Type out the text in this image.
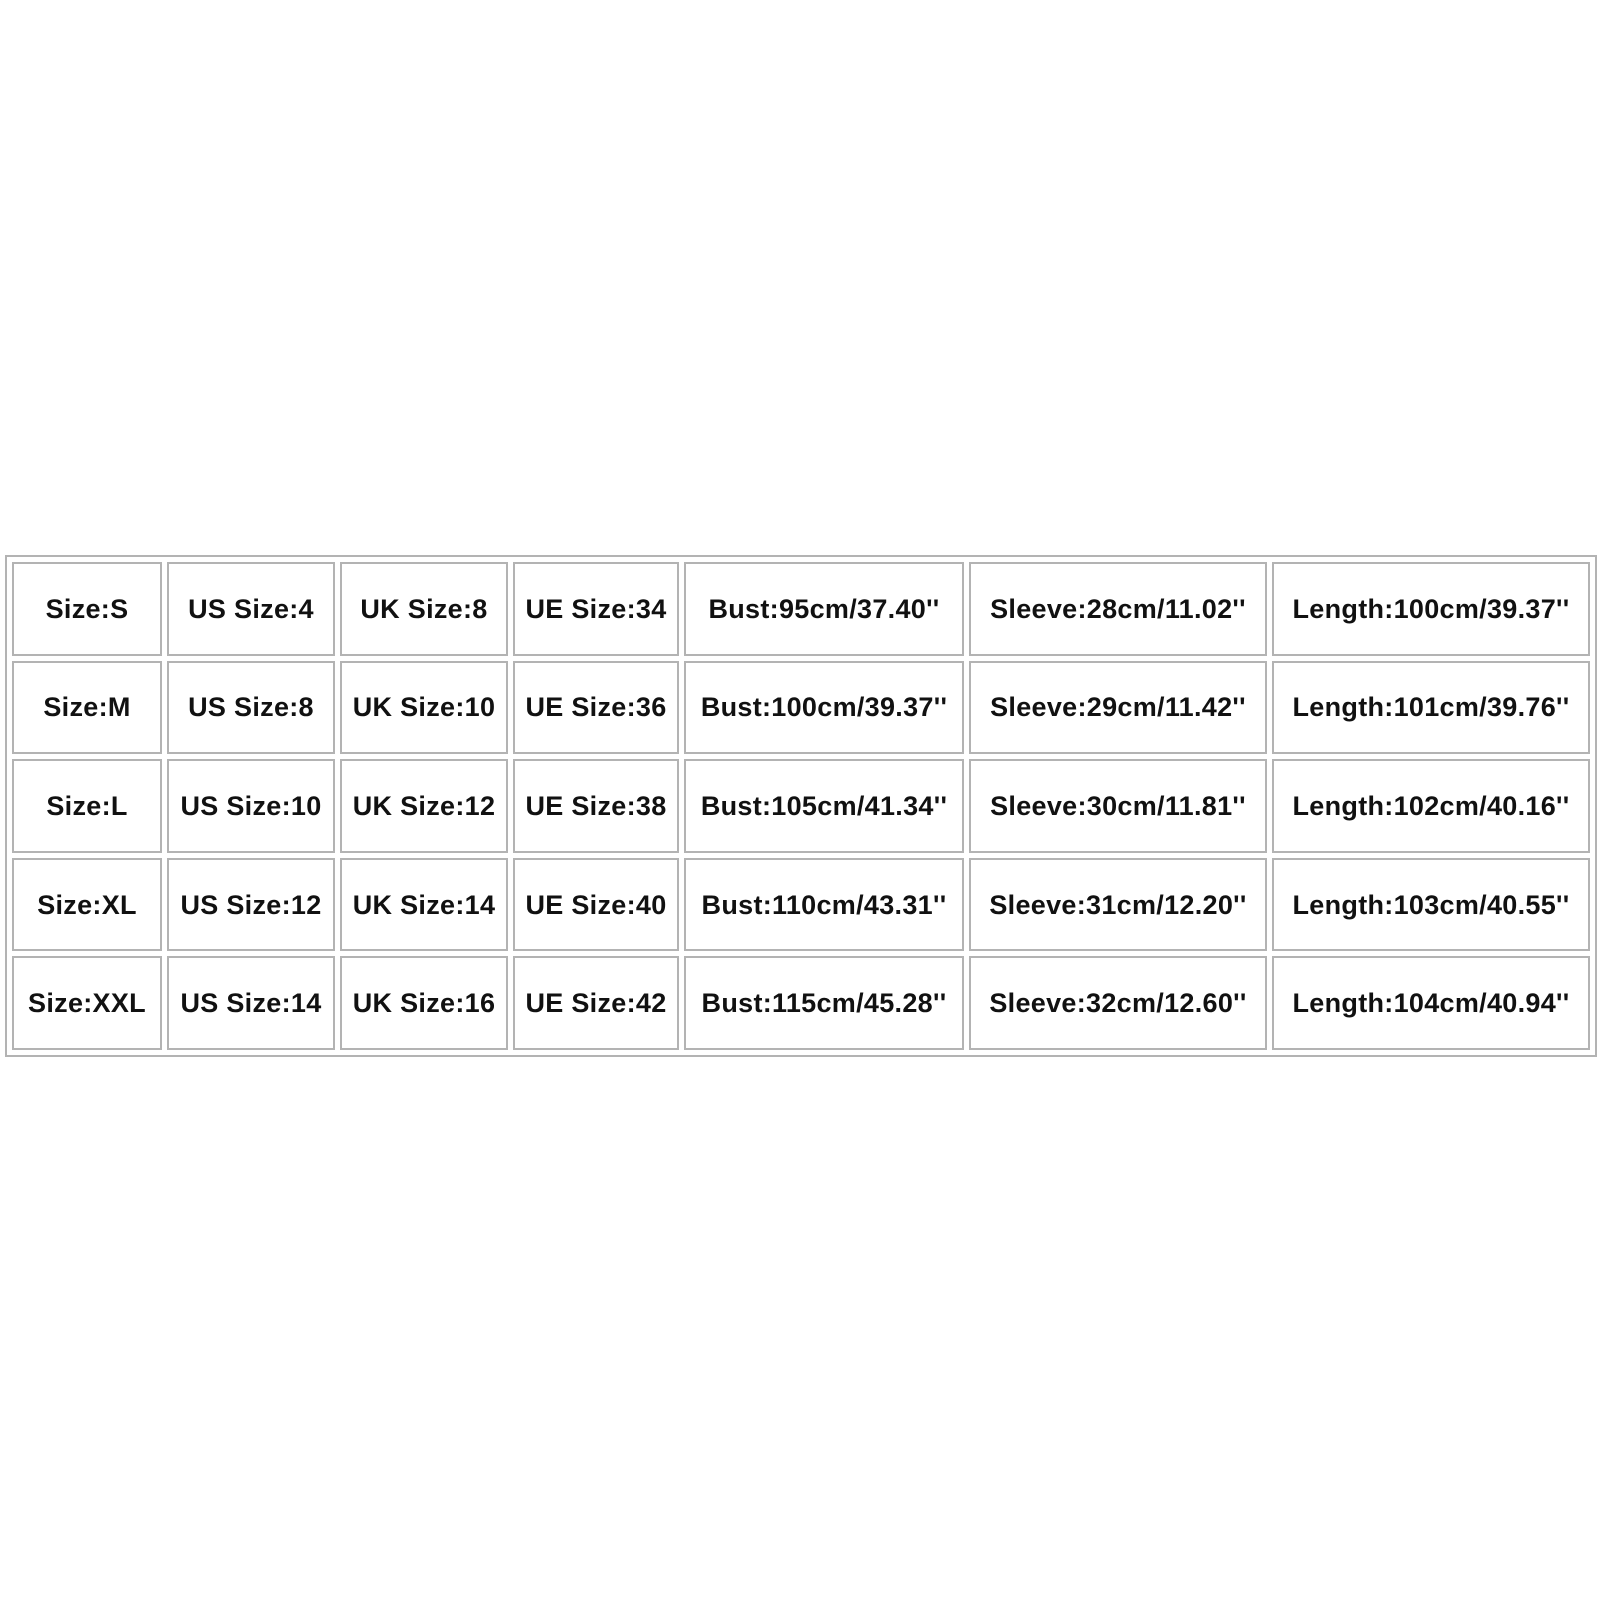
Size:S	US Size:4	UK Size:8	UE Size:34	Bust:95cm/37.40''	Sleeve:28cm/11.02''	Length:100cm/39.37''
Size:M	US Size:8	UK Size:10	UE Size:36	Bust:100cm/39.37''	Sleeve:29cm/11.42''	Length:101cm/39.76''
Size:L	US Size:10	UK Size:12	UE Size:38	Bust:105cm/41.34''	Sleeve:30cm/11.81''	Length:102cm/40.16''
Size:XL	US Size:12	UK Size:14	UE Size:40	Bust:110cm/43.31''	Sleeve:31cm/12.20''	Length:103cm/40.55''
Size:XXL	US Size:14	UK Size:16	UE Size:42	Bust:115cm/45.28''	Sleeve:32cm/12.60''	Length:104cm/40.94''
